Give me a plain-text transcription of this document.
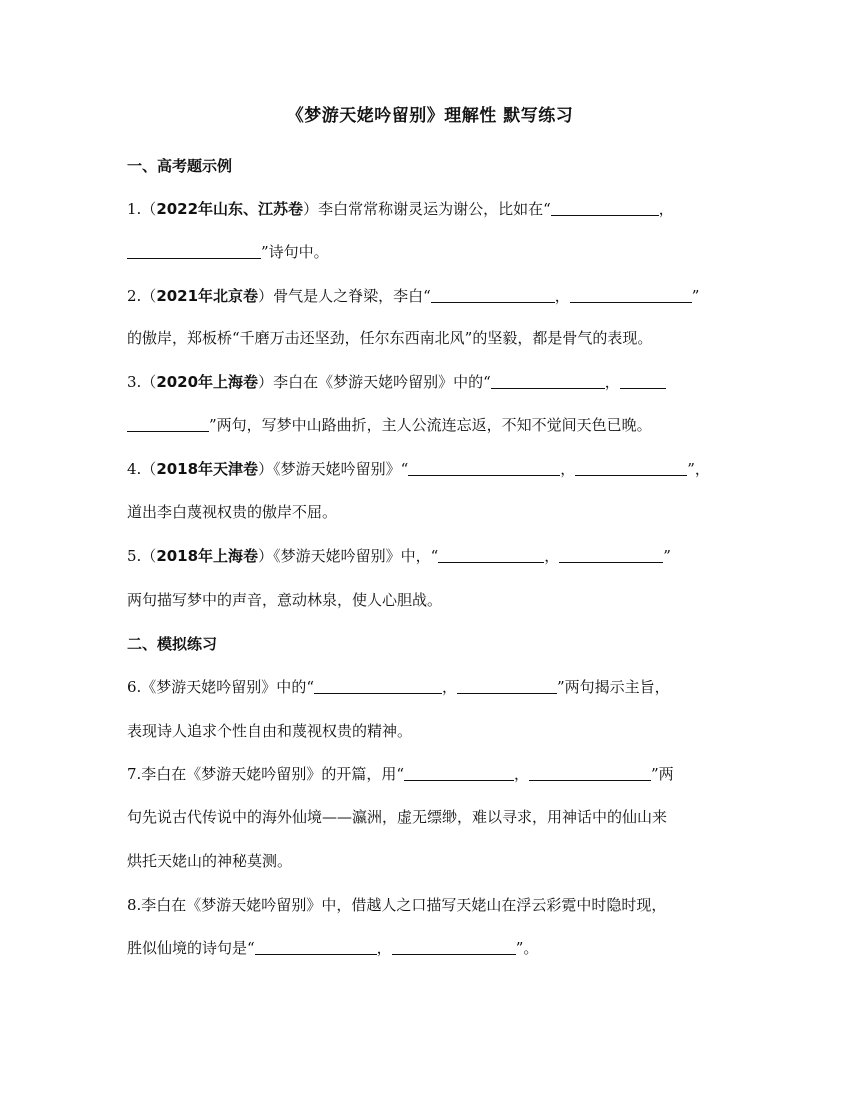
《梦游天姥吟留别》理解性 默写练习
一、高考题示例
1.（2022年山东、江苏卷）李白常常称谢灵运为谢公，比如在“	，
”诗句中。
2.（2021年北京卷）骨气是人之脊梁，李白“	，	”
的傲岸，郑板桥“千磨万击还坚劲，任尔东西南北风”的坚毅，都是骨气的表现。
3.（2020年上海卷）李白在《梦游天姥吟留别》中的“	，
”两句，写梦中山路曲折，主人公流连忘返，不知不觉间天色已晚。
4.（2018年天津卷）《梦游天姥吟留别》“	，	”，
道出李白蔑视权贵的傲岸不屈。
5.（2018年上海卷）《梦游天姥吟留别》中，“	，	”
两句描写梦中的声音，意动林泉，使人心胆战。
二、模拟练习
6.《梦游天姥吟留别》中的“	，	”两句揭示主旨，
表现诗人追求个性自由和蔑视权贵的精神。
7.李白在《梦游天姥吟留别》的开篇，用“	，	”两
句先说古代传说中的海外仙境——瀛洲，虚无缥缈，难以寻求，用神话中的仙山来
烘托天姥山的神秘莫测。
8.李白在《梦游天姥吟留别》中，借越人之口描写天姥山在浮云彩霓中时隐时现，
胜似仙境的诗句是“	，	”。
